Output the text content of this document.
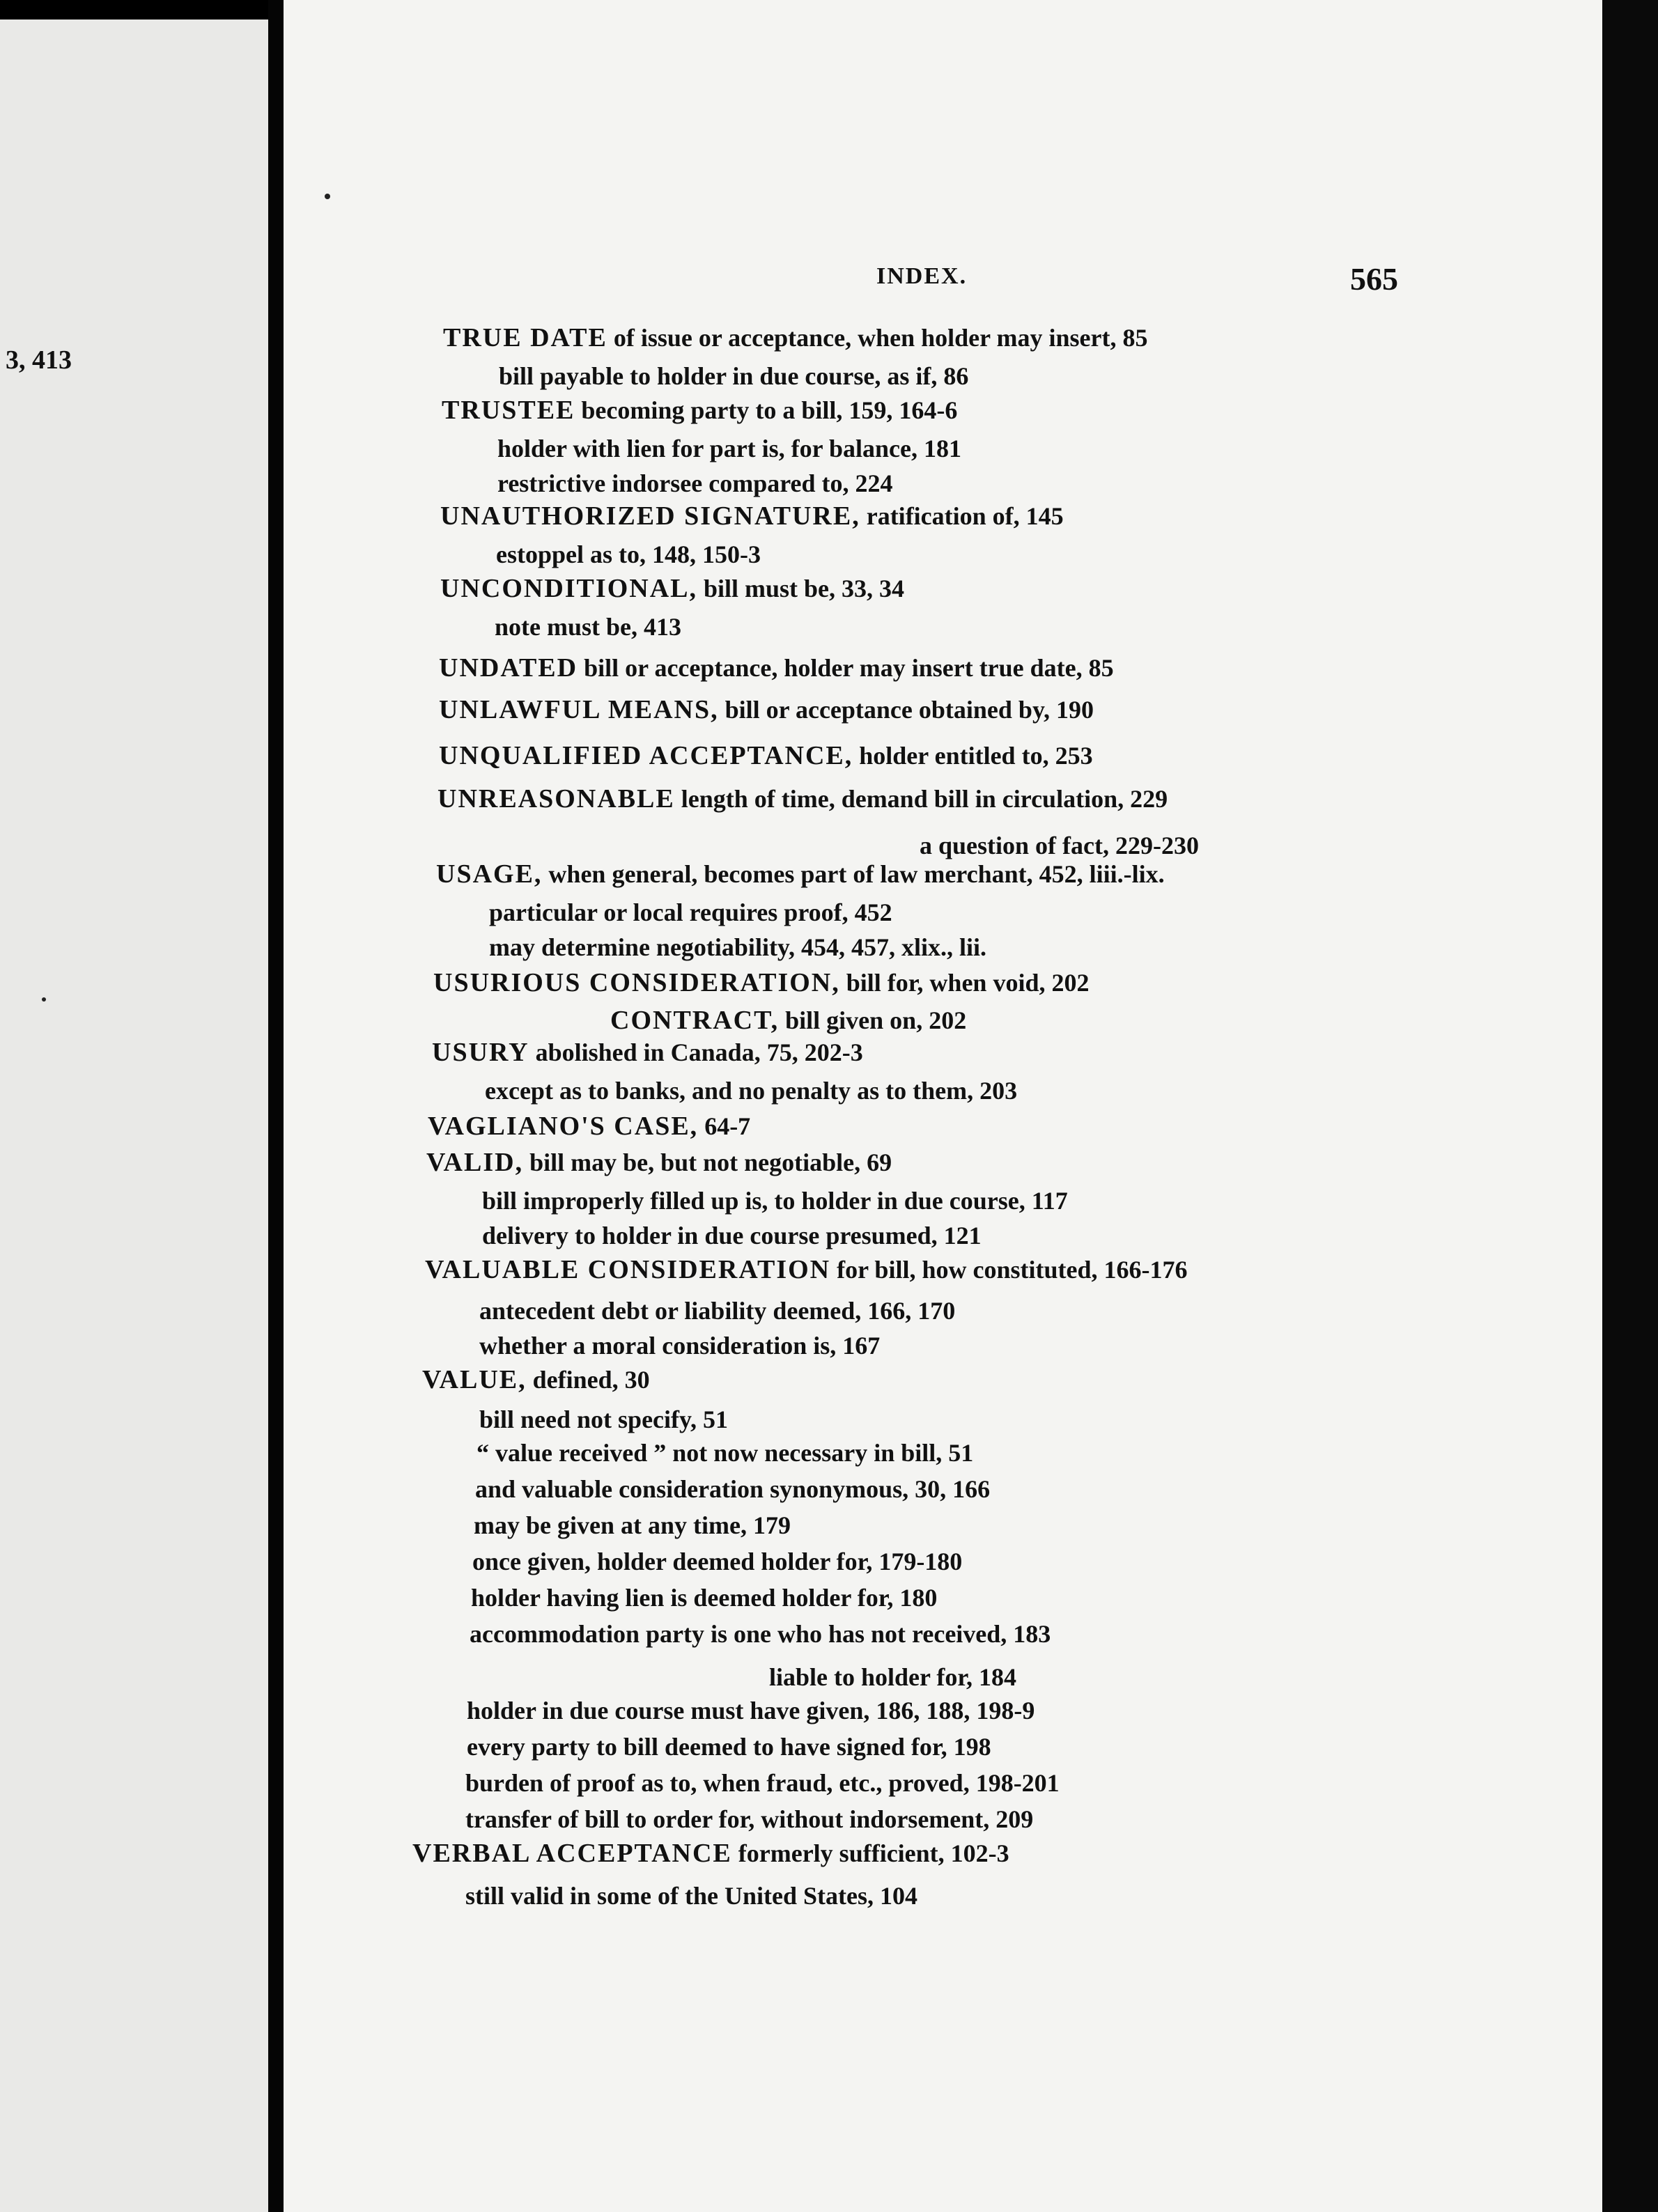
3, 413
INDEX.	565
TRUE DATE of issue or acceptance, when holder may insert, 85
bill payable to holder in due course, as if, 86
TRUSTEE becoming party to a bill, 159, 164-6
holder with lien for part is, for balance, 181
restrictive indorsee compared to, 224
UNAUTHORIZED SIGNATURE, ratification of, 145
estoppel as to, 148, 150-3
UNCONDITIONAL, bill must be, 33, 34
note must be, 413
UNDATED bill or acceptance, holder may insert true date, 85
UNLAWFUL MEANS, bill or acceptance obtained by, 190
UNQUALIFIED ACCEPTANCE, holder entitled to, 253
UNREASONABLE length of time, demand bill in circulation, 229
a question of fact, 229-230
USAGE, when general, becomes part of law merchant, 452, liii.-lix.
particular or local requires proof, 452
may determine negotiability, 454, 457, xlix., lii.
USURIOUS CONSIDERATION, bill for, when void, 202
CONTRACT, bill given on, 202
USURY abolished in Canada, 75, 202-3
except as to banks, and no penalty as to them, 203
VAGLIANO'S CASE, 64-7
VALID, bill may be, but not negotiable, 69
bill improperly filled up is, to holder in due course, 117
delivery to holder in due course presumed, 121
VALUABLE CONSIDERATION for bill, how constituted, 166-176
antecedent debt or liability deemed, 166, 170
whether a moral consideration is, 167
VALUE, defined, 30
bill need not specify, 51
“ value received ” not now necessary in bill, 51
and valuable consideration synonymous, 30, 166
may be given at any time, 179
once given, holder deemed holder for, 179-180
holder having lien is deemed holder for, 180
accommodation party is one who has not received, 183
liable to holder for, 184
holder in due course must have given, 186, 188, 198-9
every party to bill deemed to have signed for, 198
burden of proof as to, when fraud, etc., proved, 198-201
transfer of bill to order for, without indorsement, 209
VERBAL ACCEPTANCE formerly sufficient, 102-3
still valid in some of the United States, 104
